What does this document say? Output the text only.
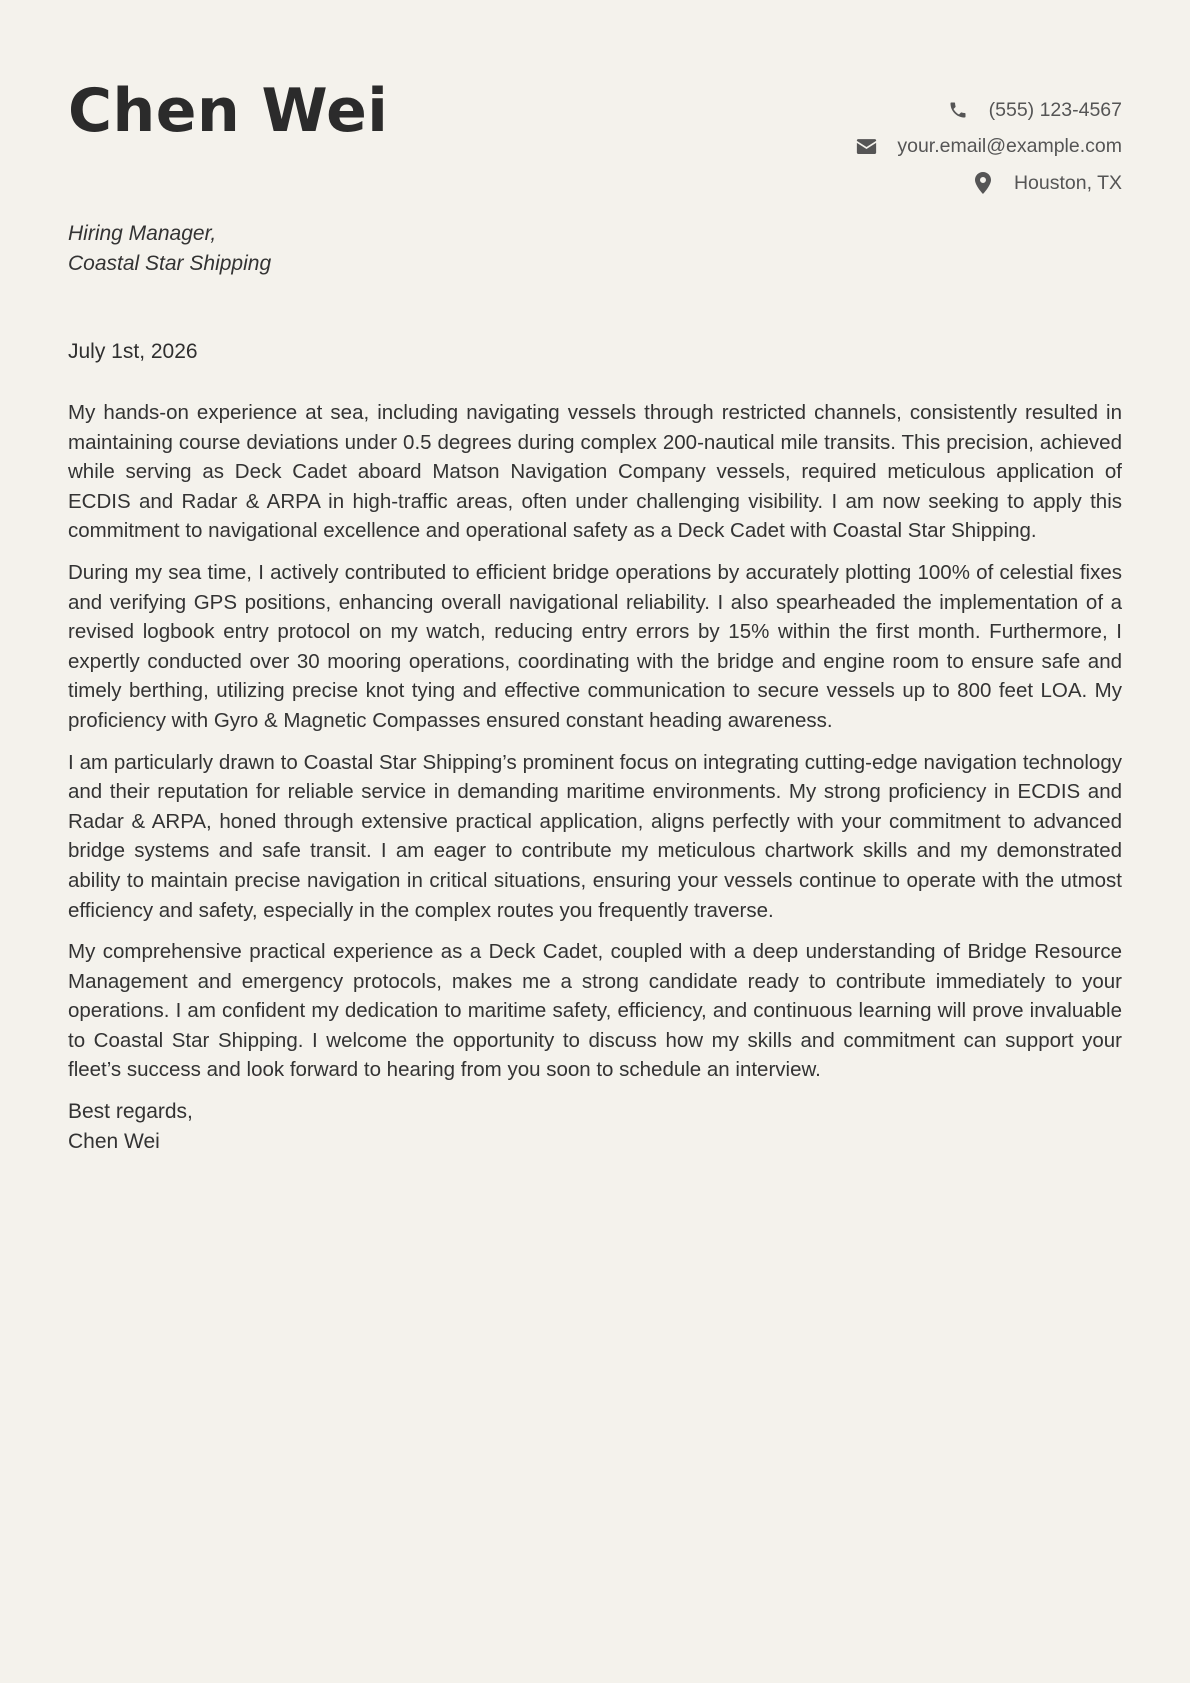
Chen Wei	(555) 123-4567
your.email@example.com
Houston, TX
Hiring Manager,
Coastal Star Shipping
July 1st, 2026

My hands-on experience at sea, including navigating vessels through restricted channels, consistently resulted in maintaining course deviations under 0.5 degrees during complex 200-nautical mile transits. This precision, achieved while serving as Deck Cadet aboard Matson Navigation Company vessels, required meticulous application of ECDIS and Radar & ARPA in high-traffic areas, often under challenging visibility. I am now seeking to apply this commitment to navigational excellence and operational safety as a Deck Cadet with Coastal Star Shipping.

During my sea time, I actively contributed to efficient bridge operations by accurately plotting 100% of celestial fixes and verifying GPS positions, enhancing overall navigational reliability. I also spearheaded the implementation of a revised logbook entry protocol on my watch, reducing entry errors by 15% within the first month. Furthermore, I expertly conducted over 30 mooring operations, coordinating with the bridge and engine room to ensure safe and timely berthing, utilizing precise knot tying and effective communication to secure vessels up to 800 feet LOA. My proficiency with Gyro & Magnetic Compasses ensured constant heading awareness.

I am particularly drawn to Coastal Star Shipping’s prominent focus on integrating cutting-edge navigation technology and their reputation for reliable service in demanding maritime environments. My strong proficiency in ECDIS and Radar & ARPA, honed through extensive practical application, aligns perfectly with your commitment to advanced bridge systems and safe transit. I am eager to contribute my meticulous chartwork skills and my demonstrated ability to maintain precise navigation in critical situations, ensuring your vessels continue to operate with the utmost efficiency and safety, especially in the complex routes you frequently traverse.

My comprehensive practical experience as a Deck Cadet, coupled with a deep understanding of Bridge Resource Management and emergency protocols, makes me a strong candidate ready to contribute immediately to your operations. I am confident my dedication to maritime safety, efficiency, and continuous learning will prove invaluable to Coastal Star Shipping. I welcome the opportunity to discuss how my skills and commitment can support your fleet’s success and look forward to hearing from you soon to schedule an interview.

Best regards,
Chen Wei
